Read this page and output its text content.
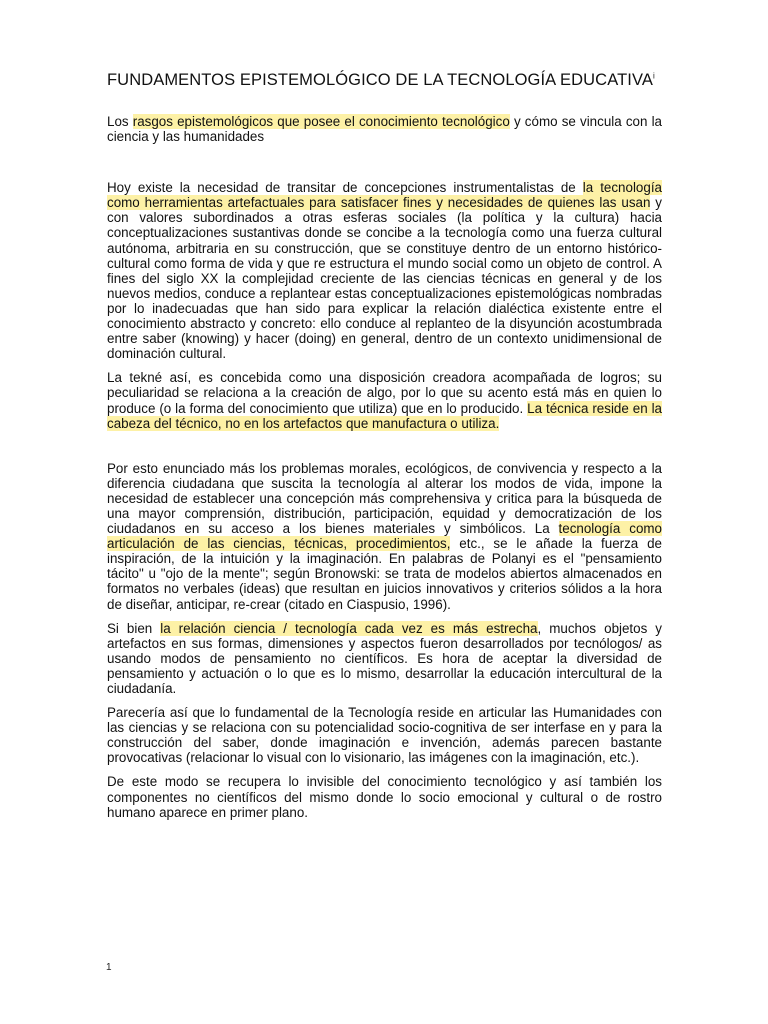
FUNDAMENTOS EPISTEMOLÓGICO DE LA TECNOLOGÍA EDUCATIVA$^i$

Los rasgos epistemológicos que posee el conocimiento tecnológico y cómo se vincula con la ciencia y las humanidades

Hoy existe la necesidad de transitar de concepciones instrumentalistas de la tecnología como herramientas artefactuales para satisfacer fines y necesidades de quienes las usan y con valores subordinados a otras esferas sociales (la política y la cultura) hacia conceptualizaciones sustantivas donde se concibe a la tecnología como una fuerza cultural autónoma, arbitraria en su construcción, que se constituye dentro de un entorno histórico-cultural como forma de vida y que re estructura el mundo social como un objeto de control. A fines del siglo XX la complejidad creciente de las ciencias técnicas en general y de los nuevos medios, conduce a replantear estas conceptualizaciones epistemológicas nombradas por lo inadecuadas que han sido para explicar la relación dialéctica existente entre el conocimiento abstracto y concreto: ello conduce al replanteo de la disyunción acostumbrada entre saber (knowing) y hacer (doing) en general, dentro de un contexto unidimensional de dominación cultural.

La tekné así, es concebida como una disposición creadora acompañada de logros; su peculiaridad se relaciona a la creación de algo, por lo que su acento está más en quien lo produce (o la forma del conocimiento que utiliza) que en lo producido. La técnica reside en la cabeza del técnico, no en los artefactos que manufactura o utiliza.

Por esto enunciado más los problemas morales, ecológicos, de convivencia y respecto a la diferencia ciudadana que suscita la tecnología al alterar los modos de vida, impone la necesidad de establecer una concepción más comprehensiva y critica para la búsqueda de una mayor comprensión, distribución, participación, equidad y democratización de los ciudadanos en su acceso a los bienes materiales y simbólicos. La tecnología como articulación de las ciencias, técnicas, procedimientos, etc., se le añade la fuerza de inspiración, de la intuición y la imaginación. En palabras de Polanyi es el "pensamiento tácito" u "ojo de la mente"; según Bronowski: se trata de modelos abiertos almacenados en formatos no verbales (ideas) que resultan en juicios innovativos y criterios sólidos a la hora de diseñar, anticipar, re-crear (citado en Ciaspusio, 1996).

Si bien la relación ciencia / tecnología cada vez es más estrecha, muchos objetos y artefactos en sus formas, dimensiones y aspectos fueron desarrollados por tecnólogos/ as usando modos de pensamiento no científicos. Es hora de aceptar la diversidad de pensamiento y actuación o lo que es lo mismo, desarrollar la educación intercultural de la ciudadanía.

Parecería así que lo fundamental de la Tecnología reside en articular las Humanidades con las ciencias y se relaciona con su potencialidad socio-cognitiva de ser interfase en y para la construcción del saber, donde imaginación e invención, además parecen bastante provocativas (relacionar lo visual con lo visionario, las imágenes con la imaginación, etc.).

De este modo se recupera lo invisible del conocimiento tecnológico y así también los componentes no científicos del mismo donde lo socio emocional y cultural o de rostro humano aparece en primer plano.

1
